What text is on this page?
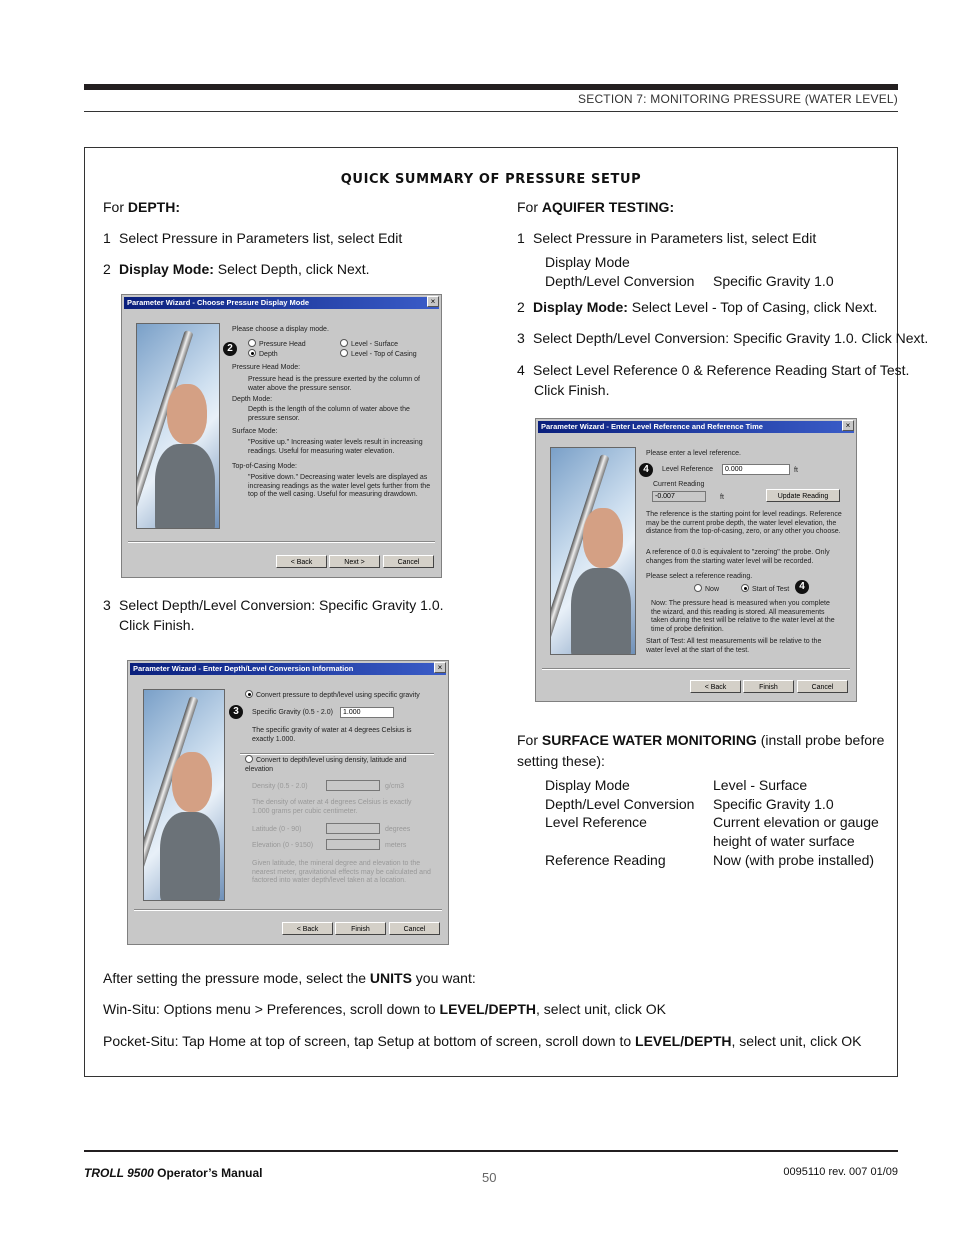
SECTION 7: MONITORING PRESSURE (WATER LEVEL)
QUICK SUMMARY OF PRESSURE SETUP
For DEPTH:
1 Select Pressure in Parameters list, select Edit
2 Display Mode: Select Depth, click Next.
Parameter Wizard - Choose Pressure Display Mode	×
2
Please choose a display mode.
Pressure Head
Depth
Level - Surface
Level - Top of Casing
Pressure Head Mode:
Pressure head is the pressure exerted by the column of water above the pressure sensor.
Depth Mode:
Depth is the length of the column of water above the pressure sensor.
Surface Mode:
"Positive up." Increasing water levels result in increasing readings. Useful for measuring water elevation.
Top-of-Casing Mode:
"Positive down." Decreasing water levels are displayed as increasing readings as the water level gets further from the top of the well casing. Useful for measuring drawdown.
< Back	Next >	Cancel
3 Select Depth/Level Conversion: Specific Gravity 1.0.
Click Finish.
Parameter Wizard - Enter Depth/Level Conversion Information	×
3
Convert pressure to depth/level using specific gravity
Specific Gravity (0.5 - 2.0)	1.000
The specific gravity of water at 4 degrees Celsius is exactly 1.000.
Convert to depth/level using density, latitude and elevation
Density (0.5 - 2.0)	g/cm3
The density of water at 4 degrees Celsius is exactly 1.000 grams per cubic centimeter.
Latitude (0 - 90)	degrees
Elevation (0 - 9150)	meters
Given latitude, the mineral degree and elevation to the nearest meter, gravitational effects may be calculated and factored into water depth/level taken at a location.
< Back	Finish	Cancel
For AQUIFER TESTING:
1 Select Pressure in Parameters list, select Edit
Display Mode
Depth/Level Conversion Specific Gravity 1.0
2 Display Mode: Select Level - Top of Casing, click Next.
3 Select Depth/Level Conversion: Specific Gravity 1.0. Click Next.
4 Select Level Reference 0 & Reference Reading Start of Test.
Click Finish.
Parameter Wizard - Enter Level Reference and Reference Time	×
Please enter a level reference.
4	Level Reference	0.000	ft
Current Reading
-0.007	ft	Update Reading
The reference is the starting point for level readings. Reference may be the current probe depth, the water level elevation, the distance from the top-of-casing, zero, or any other you choose.
A reference of 0.0 is equivalent to "zeroing" the probe. Only changes from the starting water level will be recorded.
Please select a reference reading.
Now	Start of Test 4
Now: The pressure head is measured when you complete the wizard, and this reading is stored. All measurements taken during the test will be relative to the water level at the time of probe definition.
Start of Test: All test measurements will be relative to the water level at the start of the test.
< Back	Finish	Cancel
For SURFACE WATER MONITORING (install probe before
setting these):
Display Mode	Level - Surface
Depth/Level Conversion Specific Gravity 1.0
Level Reference	Current elevation or gauge
height of water surface
Reference Reading	Now (with probe installed)
After setting the pressure mode, select the UNITS you want:
Win-Situ: Options menu > Preferences, scroll down to LEVEL/DEPTH, select unit, click OK
Pocket-Situ: Tap Home at top of screen, tap Setup at bottom of screen, scroll down to LEVEL/DEPTH, select unit, click OK
TROLL 9500 Operator’s Manual	50	0095110 rev. 007 01/09
